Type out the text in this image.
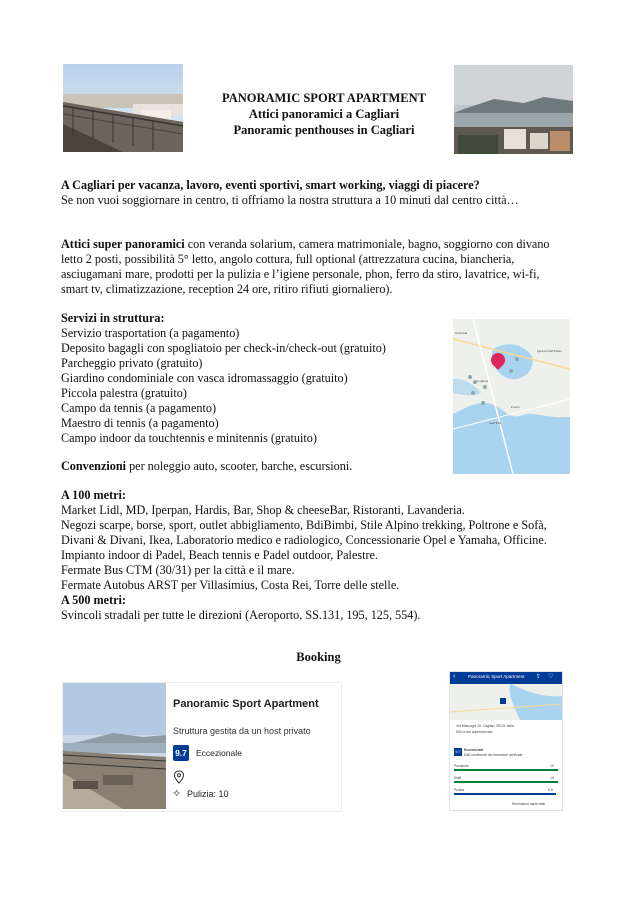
PANORAMIC SPORT APARTMENT
Attici panoramici a Cagliari
Panoramic penthouses in Cagliari
A Cagliari per vacanza, lavoro, eventi sportivi, smart working, viaggi di piacere?
Se non vuoi soggiornare in centro, ti offriamo la nostra struttura a 10 minuti dal centro città…
Attici super panoramici con veranda solarium, camera matrimoniale, bagno, soggiorno con divano
letto 2 posti, possibilità 5° letto, angolo cottura, full optional (attrezzatura cucina, biancheria,
asciugamani mare, prodotti per la pulizia e l’igiene personale, phon, ferro da stiro, lavatrice, wi-fi,
smart tv, climatizzazione, reception 24 ore, ritiro rifiuti giornaliero).
Servizi in struttura:
Servizio trasportation (a pagamento)
Deposito bagagli con spogliatoio per check-in/check-out (gratuito)
Parcheggio privato (gratuito)
Giardino condominiale con vasca idromassaggio (gratuito)
Piccola palestra (gratuito)
Campo da tennis (a pagamento)
Maestro di tennis (a pagamento)
Campo indoor da touchtennis e minitennis (gratuito)
Su Pardu
Quartu Sant'Elena
Cagliari
Poetto
Sant'Elia
Convenzioni per noleggio auto, scooter, barche, escursioni.
A 100 metri:
Market Lidl, MD, Iperpan, Hardis, Bar, Shop & cheeseBar, Ristoranti, Lavanderia.
Negozi scarpe, borse, sport, outlet abbigliamento, BdiBimbi, Stile Alpino trekking, Poltrone e Sofà,
Divani & Divani, Ikea, Laboratorio medico e radiologico, Concessionarie Opel e Yamaha, Officine.
Impianto indoor di Padel, Beach tennis e Padel outdoor, Palestre.
Fermate Bus CTM (30/31) per la città e il mare.
Fermate Autobus ARST per Villasimius, Costa Rei, Torre delle stelle.
A 500 metri:
Svincoli stradali per tutte le direzioni (Aeroporto, SS.131, 195, 125, 554).
Booking
Panoramic Sport Apartment
Struttura gestita da un host privato
9.7 Eccezionale
✧ Pulizia: 10
‹	Panoramic Sport Apartment ⇪ ♡
Via Mascagni 26, Cagliari, 09131 Italia
500 m dal supermercato
9.7	Eccezionale
Dati confermati da recensioni verificate
Posizione	10
Staff	10
Pulizia	9.8
Recensioni ospiti reali
